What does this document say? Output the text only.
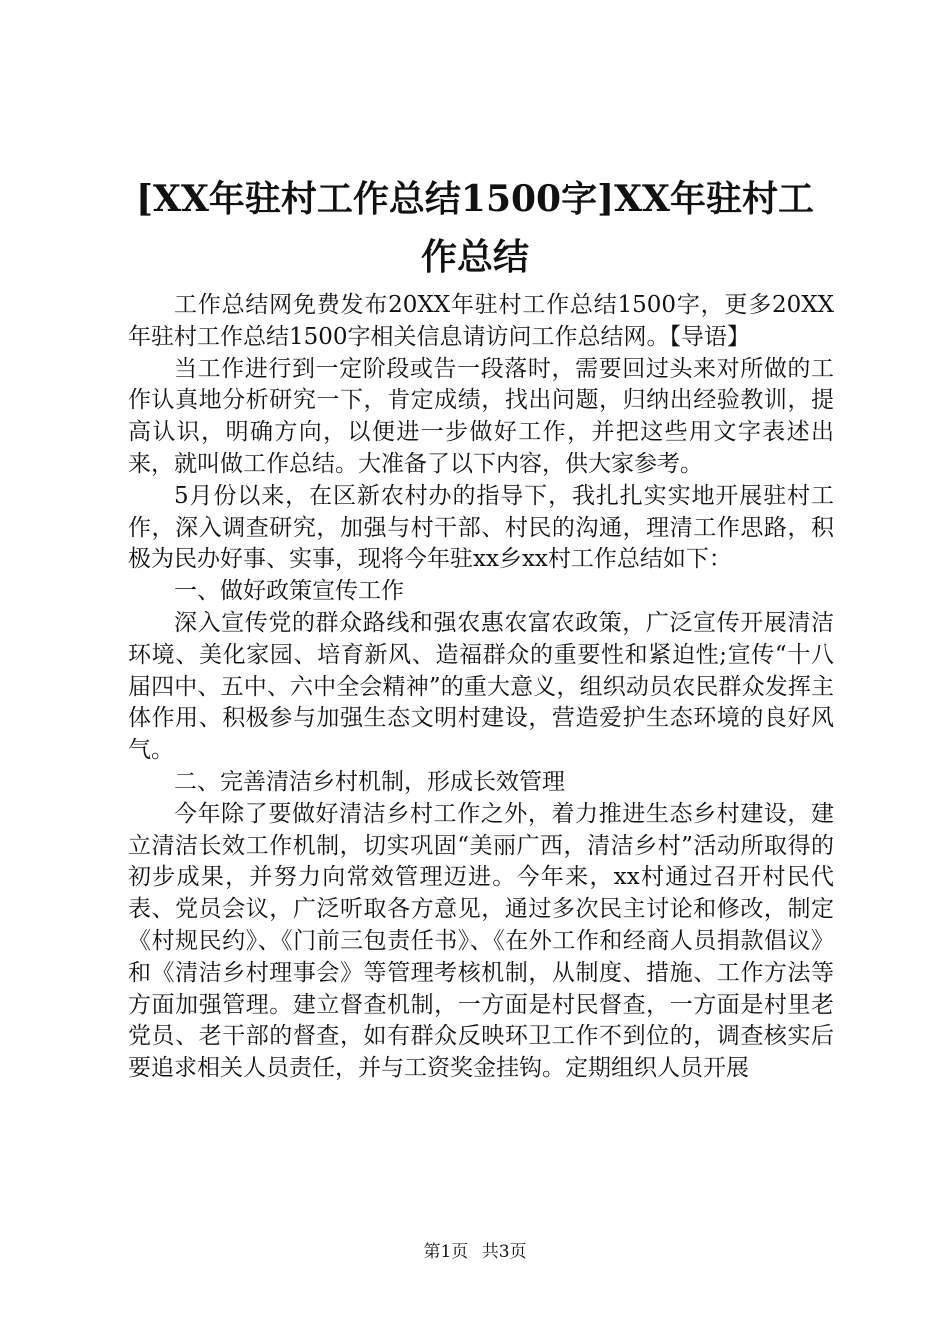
[XX年驻村工作总结1500字]XX年驻村工作总结

工作总结网免费发布20XX年驻村工作总结1500字，更多20XX年驻村工作总结1500字相关信息请访问工作总结网。【导语】

当工作进行到一定阶段或告一段落时，需要回过头来对所做的工作认真地分析研究一下，肯定成绩，找出问题，归纳出经验教训，提高认识，明确方向，以便进一步做好工作，并把这些用文字表述出来，就叫做工作总结。大准备了以下内容，供大家参考。

5月份以来，在区新农村办的指导下，我扎扎实实地开展驻村工作，深入调查研究，加强与村干部、村民的沟通，理清工作思路，积极为民办好事、实事，现将今年驻xx乡xx村工作总结如下：

一、做好政策宣传工作

深入宣传党的群众路线和强农惠农富农政策，广泛宣传开展清洁环境、美化家园、培育新风、造福群众的重要性和紧迫性;宣传“十八届四中、五中、六中全会精神”的重大意义，组织动员农民群众发挥主体作用、积极参与加强生态文明村建设，营造爱护生态环境的良好风气。

二、完善清洁乡村机制，形成长效管理

今年除了要做好清洁乡村工作之外，着力推进生态乡村建设，建立清洁长效工作机制，切实巩固“美丽广西，清洁乡村”活动所取得的初步成果，并努力向常效管理迈进。今年来，xx村通过召开村民代表、党员会议，广泛听取各方意见，通过多次民主讨论和修改，制定《村规民约》、《门前三包责任书》、《在外工作和经商人员捐款倡议》和《清洁乡村理事会》等管理考核机制，从制度、措施、工作方法等方面加强管理。建立督查机制，一方面是村民督查，一方面是村里老党员、老干部的督查，如有群众反映环卫工作不到位的，调查核实后要追求相关人员责任，并与工资奖金挂钩。定期组织人员开展

第1页 共3页
